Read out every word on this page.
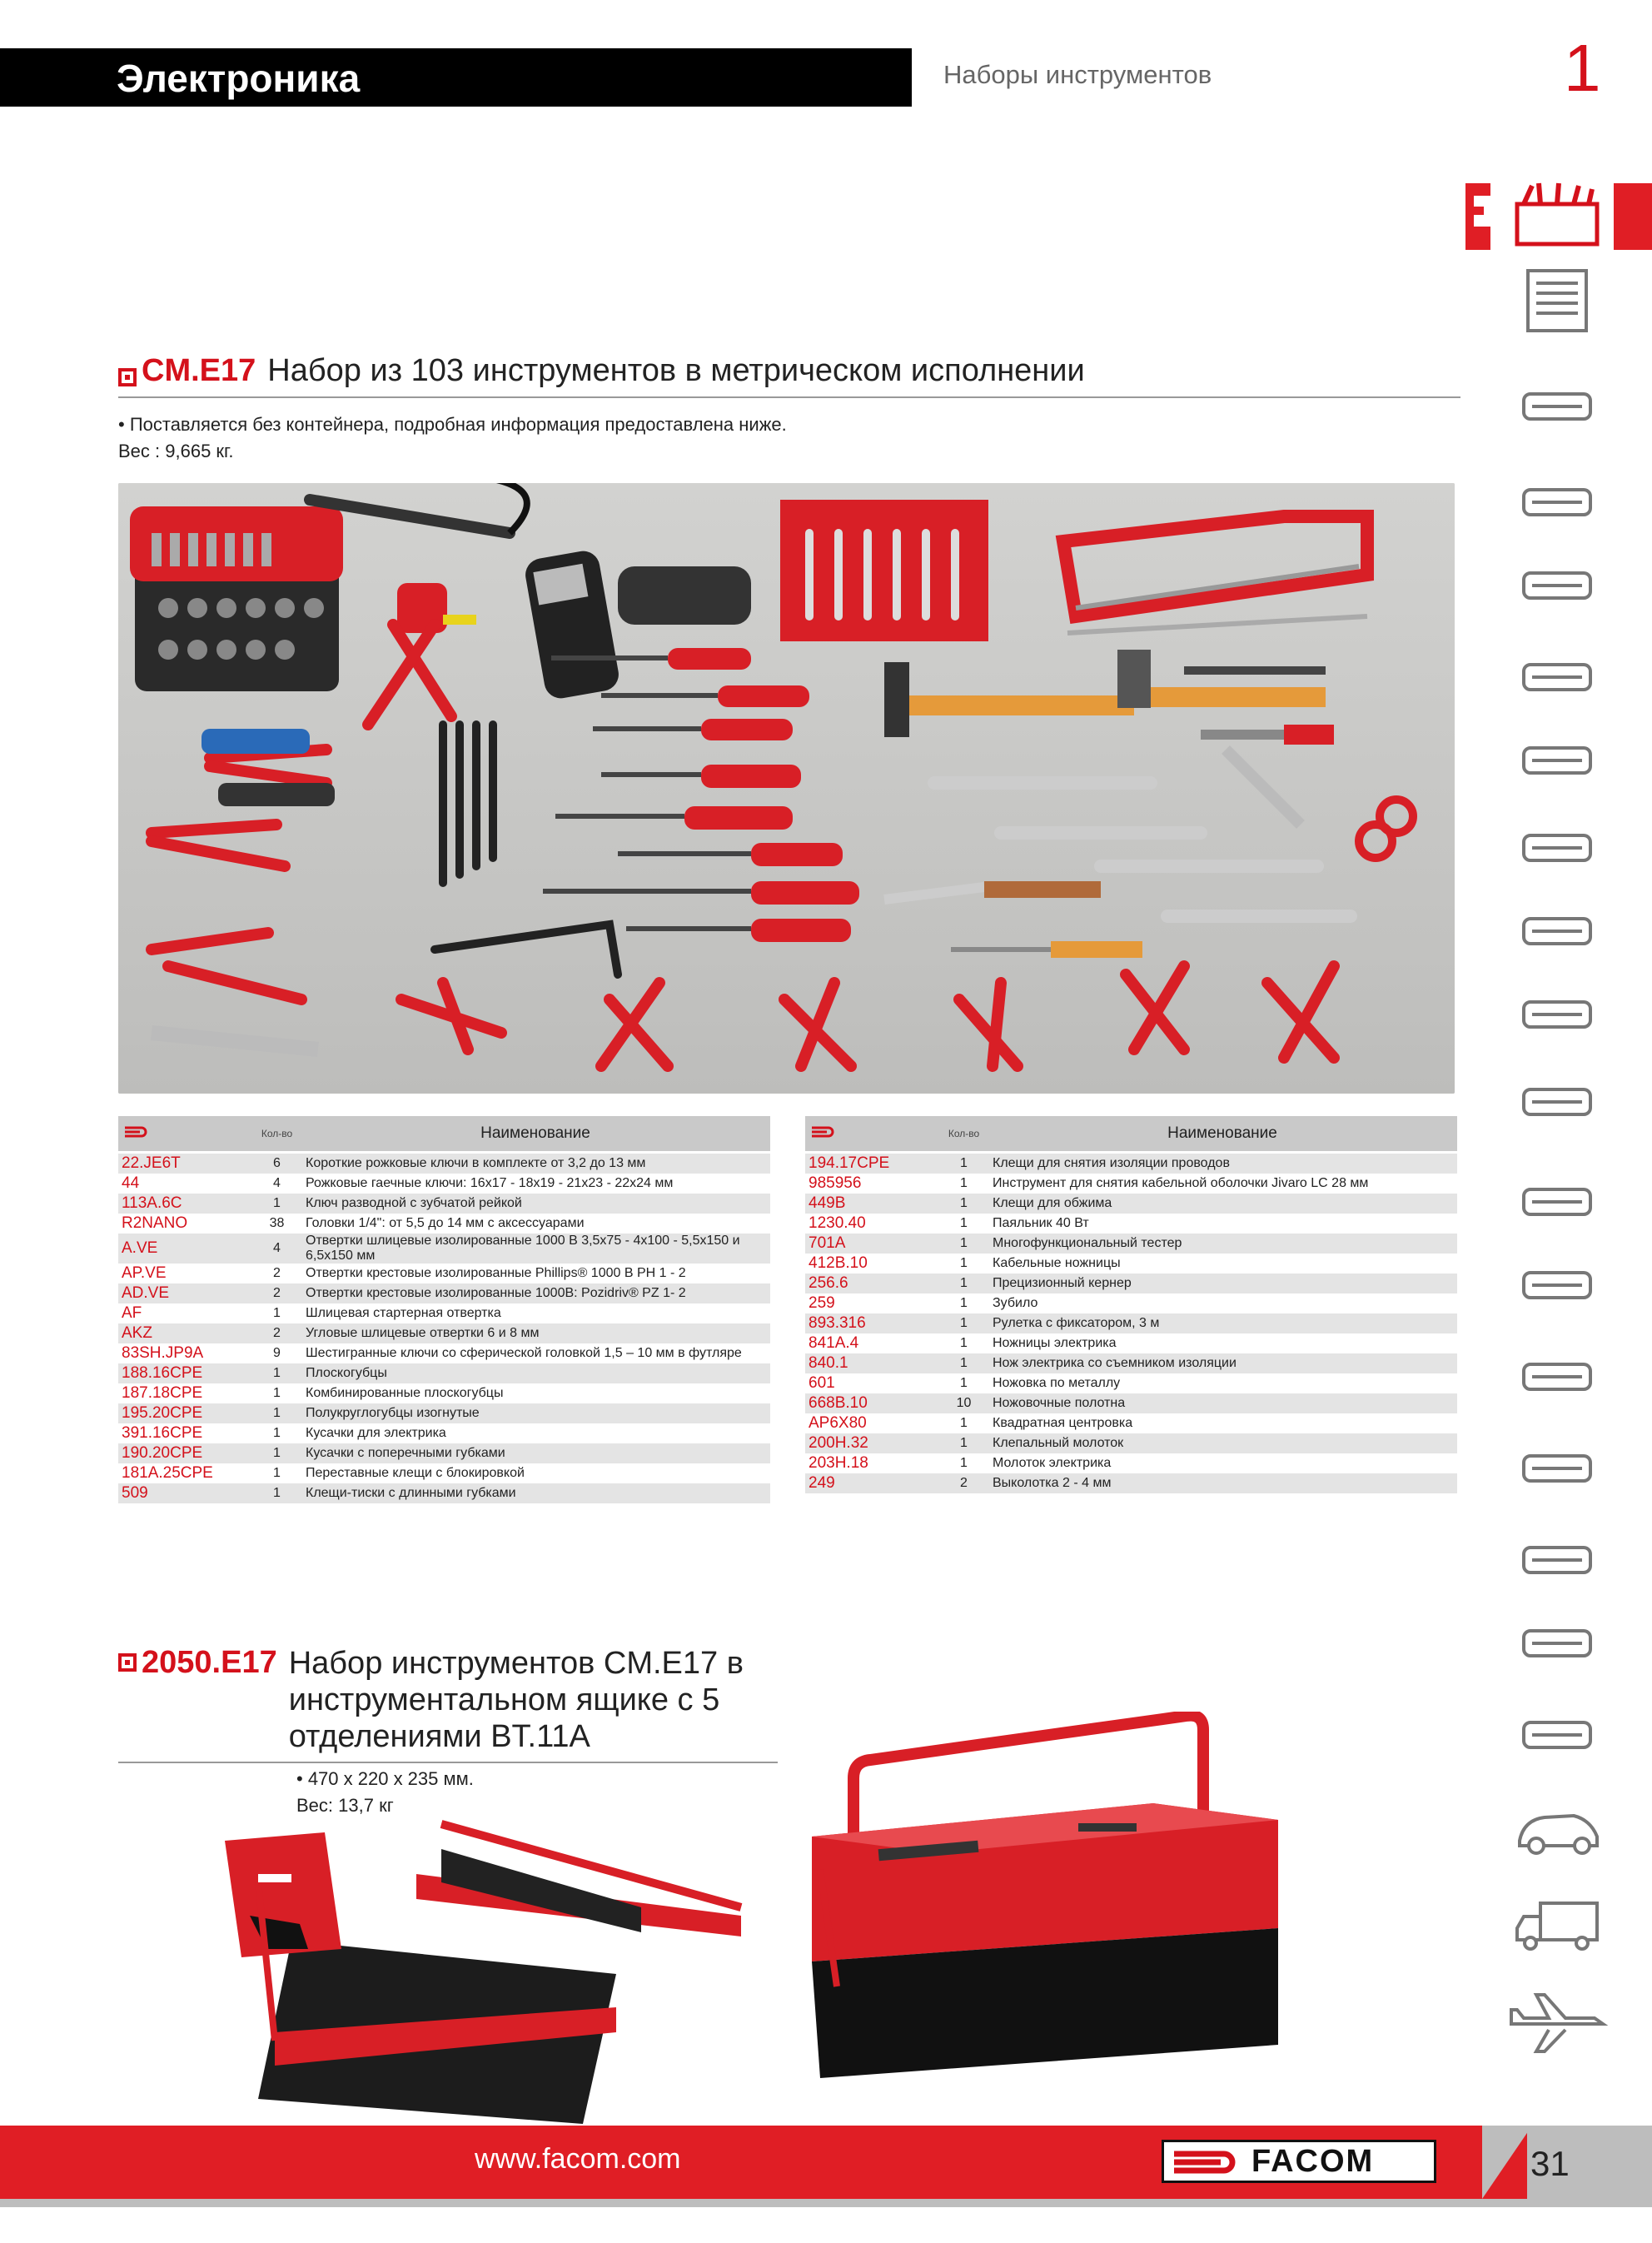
Электроника	Наборы инструментов	1
CM.E17 Набор из 103 инструментов в метрическом исполнении
• Поставляется без контейнера, подробная информация предоставлена ниже.
Вес : 9,665 кг.
	Кол-во	Наименование
22.JE6T	6	Короткие рожковые ключи в комплекте от 3,2 до 13 мм
44	4	Рожковые гаечные ключи: 16x17 - 18x19 - 21x23 - 22x24 мм
113A.6C	1	Ключ разводной с зубчатой рейкой
R2NANO	38	Головки 1/4": от 5,5 до 14 мм с аксессуарами
A.VE	4	Отвертки шлицевые изолированные 1000 В 3,5x75 - 4x100 - 5,5x150 и 6,5x150 мм
AP.VE	2	Отвертки крестовые изолированные Phillips® 1000 В PH 1 - 2
AD.VE	2	Отвертки крестовые изолированные 1000В: Pozidriv® PZ 1- 2
AF	1	Шлицевая стартерная отвертка
AKZ	2	Угловые шлицевые отвертки 6 и 8 мм
83SH.JP9A	9	Шестигранные ключи со сферической головкой 1,5 – 10 мм в футляре
188.16CPE	1	Плоскогубцы
187.18CPE	1	Комбинированные плоскогубцы
195.20CPE	1	Полукруглогубцы изогнутые
391.16CPE	1	Кусачки для электрика
190.20CPE	1	Кусачки с поперечными губками
181A.25CPE	1	Переставные клещи с блокировкой
509	1	Клещи-тиски с длинными губками
	Кол-во	Наименование
194.17CPE	1	Клещи для снятия изоляции проводов
985956	1	Инструмент для снятия кабельной оболочки Jivaro LC 28 мм
449B	1	Клещи для обжима
1230.40	1	Паяльник 40 Вт
701A	1	Многофункциональный тестер
412B.10	1	Кабельные ножницы
256.6	1	Прецизионный кернер
259	1	Зубило
893.316	1	Рулетка с фиксатором, 3 м
841A.4	1	Ножницы электрика
840.1	1	Нож электрика со съемником изоляции
601	1	Ножовка по металлу
668B.10	10	Ножовочные полотна
AP6X80	1	Квадратная центровка
200H.32	1	Клепальный молоток
203H.18	1	Молоток электрика
249	2	Выколотка 2 - 4 мм
2050.E17 Набор инструментов CM.E17 в инструментальном ящике с 5 отделениями BT.11A
• 470 x 220 x 235 мм.
Вес: 13,7 кг
www.facom.com	FACOM	31
